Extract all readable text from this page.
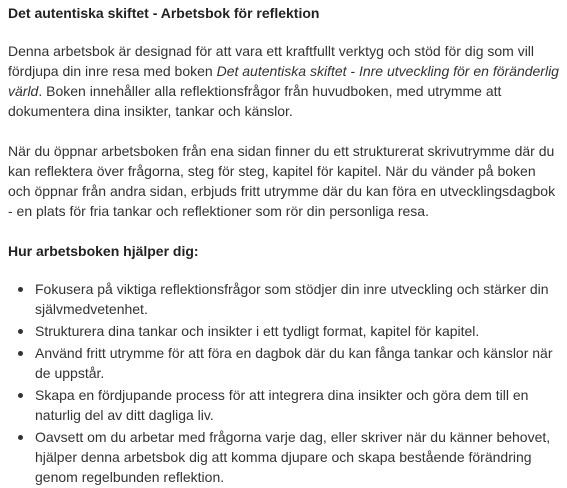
Det autentiska skiftet - Arbetsbok för reflektion

Denna arbetsbok är designad för att vara ett kraftfullt verktyg och stöd för dig som vill fördjupa din inre resa med boken Det autentiska skiftet - Inre utveckling för en föränderlig värld. Boken innehåller alla reflektionsfrågor från huvudboken, med utrymme att dokumentera dina insikter, tankar och känslor.

När du öppnar arbetsboken från ena sidan finner du ett strukturerat skrivutrymme där du kan reflektera över frågorna, steg för steg, kapitel för kapitel. När du vänder på boken och öppnar från andra sidan, erbjuds fritt utrymme där du kan föra en utvecklingsdagbok - en plats för fria tankar och reflektioner som rör din personliga resa.

Hur arbetsboken hjälper dig:
Fokusera på viktiga reflektionsfrågor som stödjer din inre utveckling och stärker din självmedvetenhet.
Strukturera dina tankar och insikter i ett tydligt format, kapitel för kapitel.
Använd fritt utrymme för att föra en dagbok där du kan fånga tankar och känslor när de uppstår.
Skapa en fördjupande process för att integrera dina insikter och göra dem till en naturlig del av ditt dagliga liv.
Oavsett om du arbetar med frågorna varje dag, eller skriver när du känner behovet, hjälper denna arbetsbok dig att komma djupare och skapa bestående förändring genom regelbunden reflektion.
